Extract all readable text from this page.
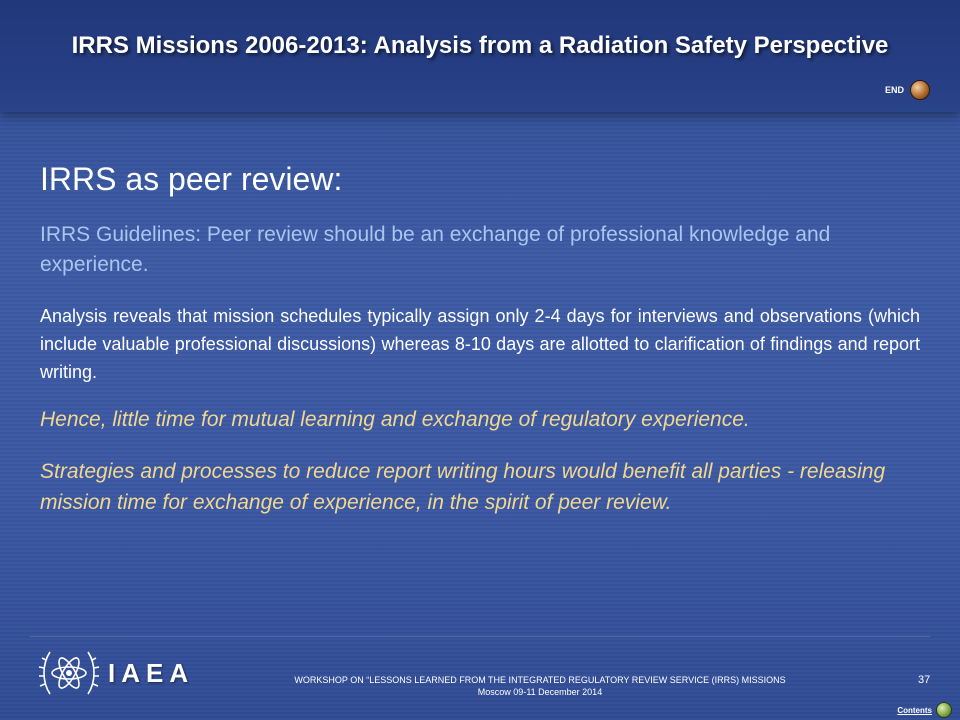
IRRS Missions 2006-2013: Analysis from a Radiation Safety Perspective
END
IRRS as peer review:
IRRS Guidelines: Peer review should be an exchange of professional knowledge and experience.
Analysis reveals that mission schedules typically assign only 2-4 days for interviews and observations (which include valuable professional discussions) whereas 8-10 days are allotted to clarification of findings and report writing.
Hence, little time for mutual learning and exchange of regulatory experience.
Strategies and processes to reduce report writing hours would benefit all parties - releasing mission time for exchange of experience, in the spirit of peer review.
IAEA	WORKSHOP ON “LESSONS LEARNED FROM THE INTEGRATED REGULATORY REVIEW SERVICE (IRRS) MISSIONS
Moscow 09-11 December 2014
37
Contents
